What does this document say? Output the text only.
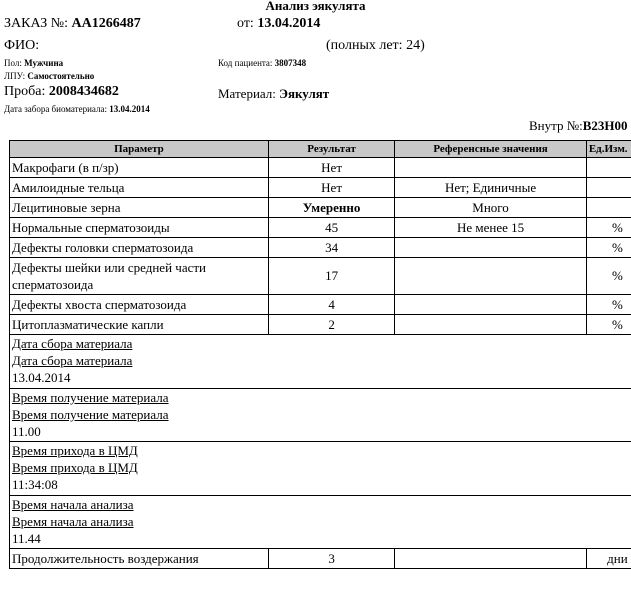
Анализ эякулята
ЗАКАЗ №: АА1266487	от: 13.04.2014
ФИО:	(полных лет: 24)
Пол: Мужчина	Код пациента: 3807348
ЛПУ: Самостоятельно
Проба: 2008434682	Материал: Эякулят
Дата забора биоматериала: 13.04.2014
Внутр №:B23H00
Параметр	Результат	Референсные значения	Ед.Изм.
Макрофаги (в п/зр)	Нет		
Амилоидные тельца	Нет	Нет; Единичные	
Лецитиновые зерна	Умеренно	Много	
Нормальные сперматозоиды	45	Не менее 15	%
Дефекты головки сперматозоида	34		%
Дефекты шейки или средней части сперматозоида	17		%
Дефекты хвоста сперматозоида	4		%
Цитоплазматические капли	2		%

Дата сбора материала
Дата сбора материала
13.04.2014			

Время получение материала
Время получение материала
11.00			

Время прихода в ЦМД
Время прихода в ЦМД
11:34:08			

Время начала анализа
Время начала анализа
11.44			

Продолжительность воздержания	3		дни
